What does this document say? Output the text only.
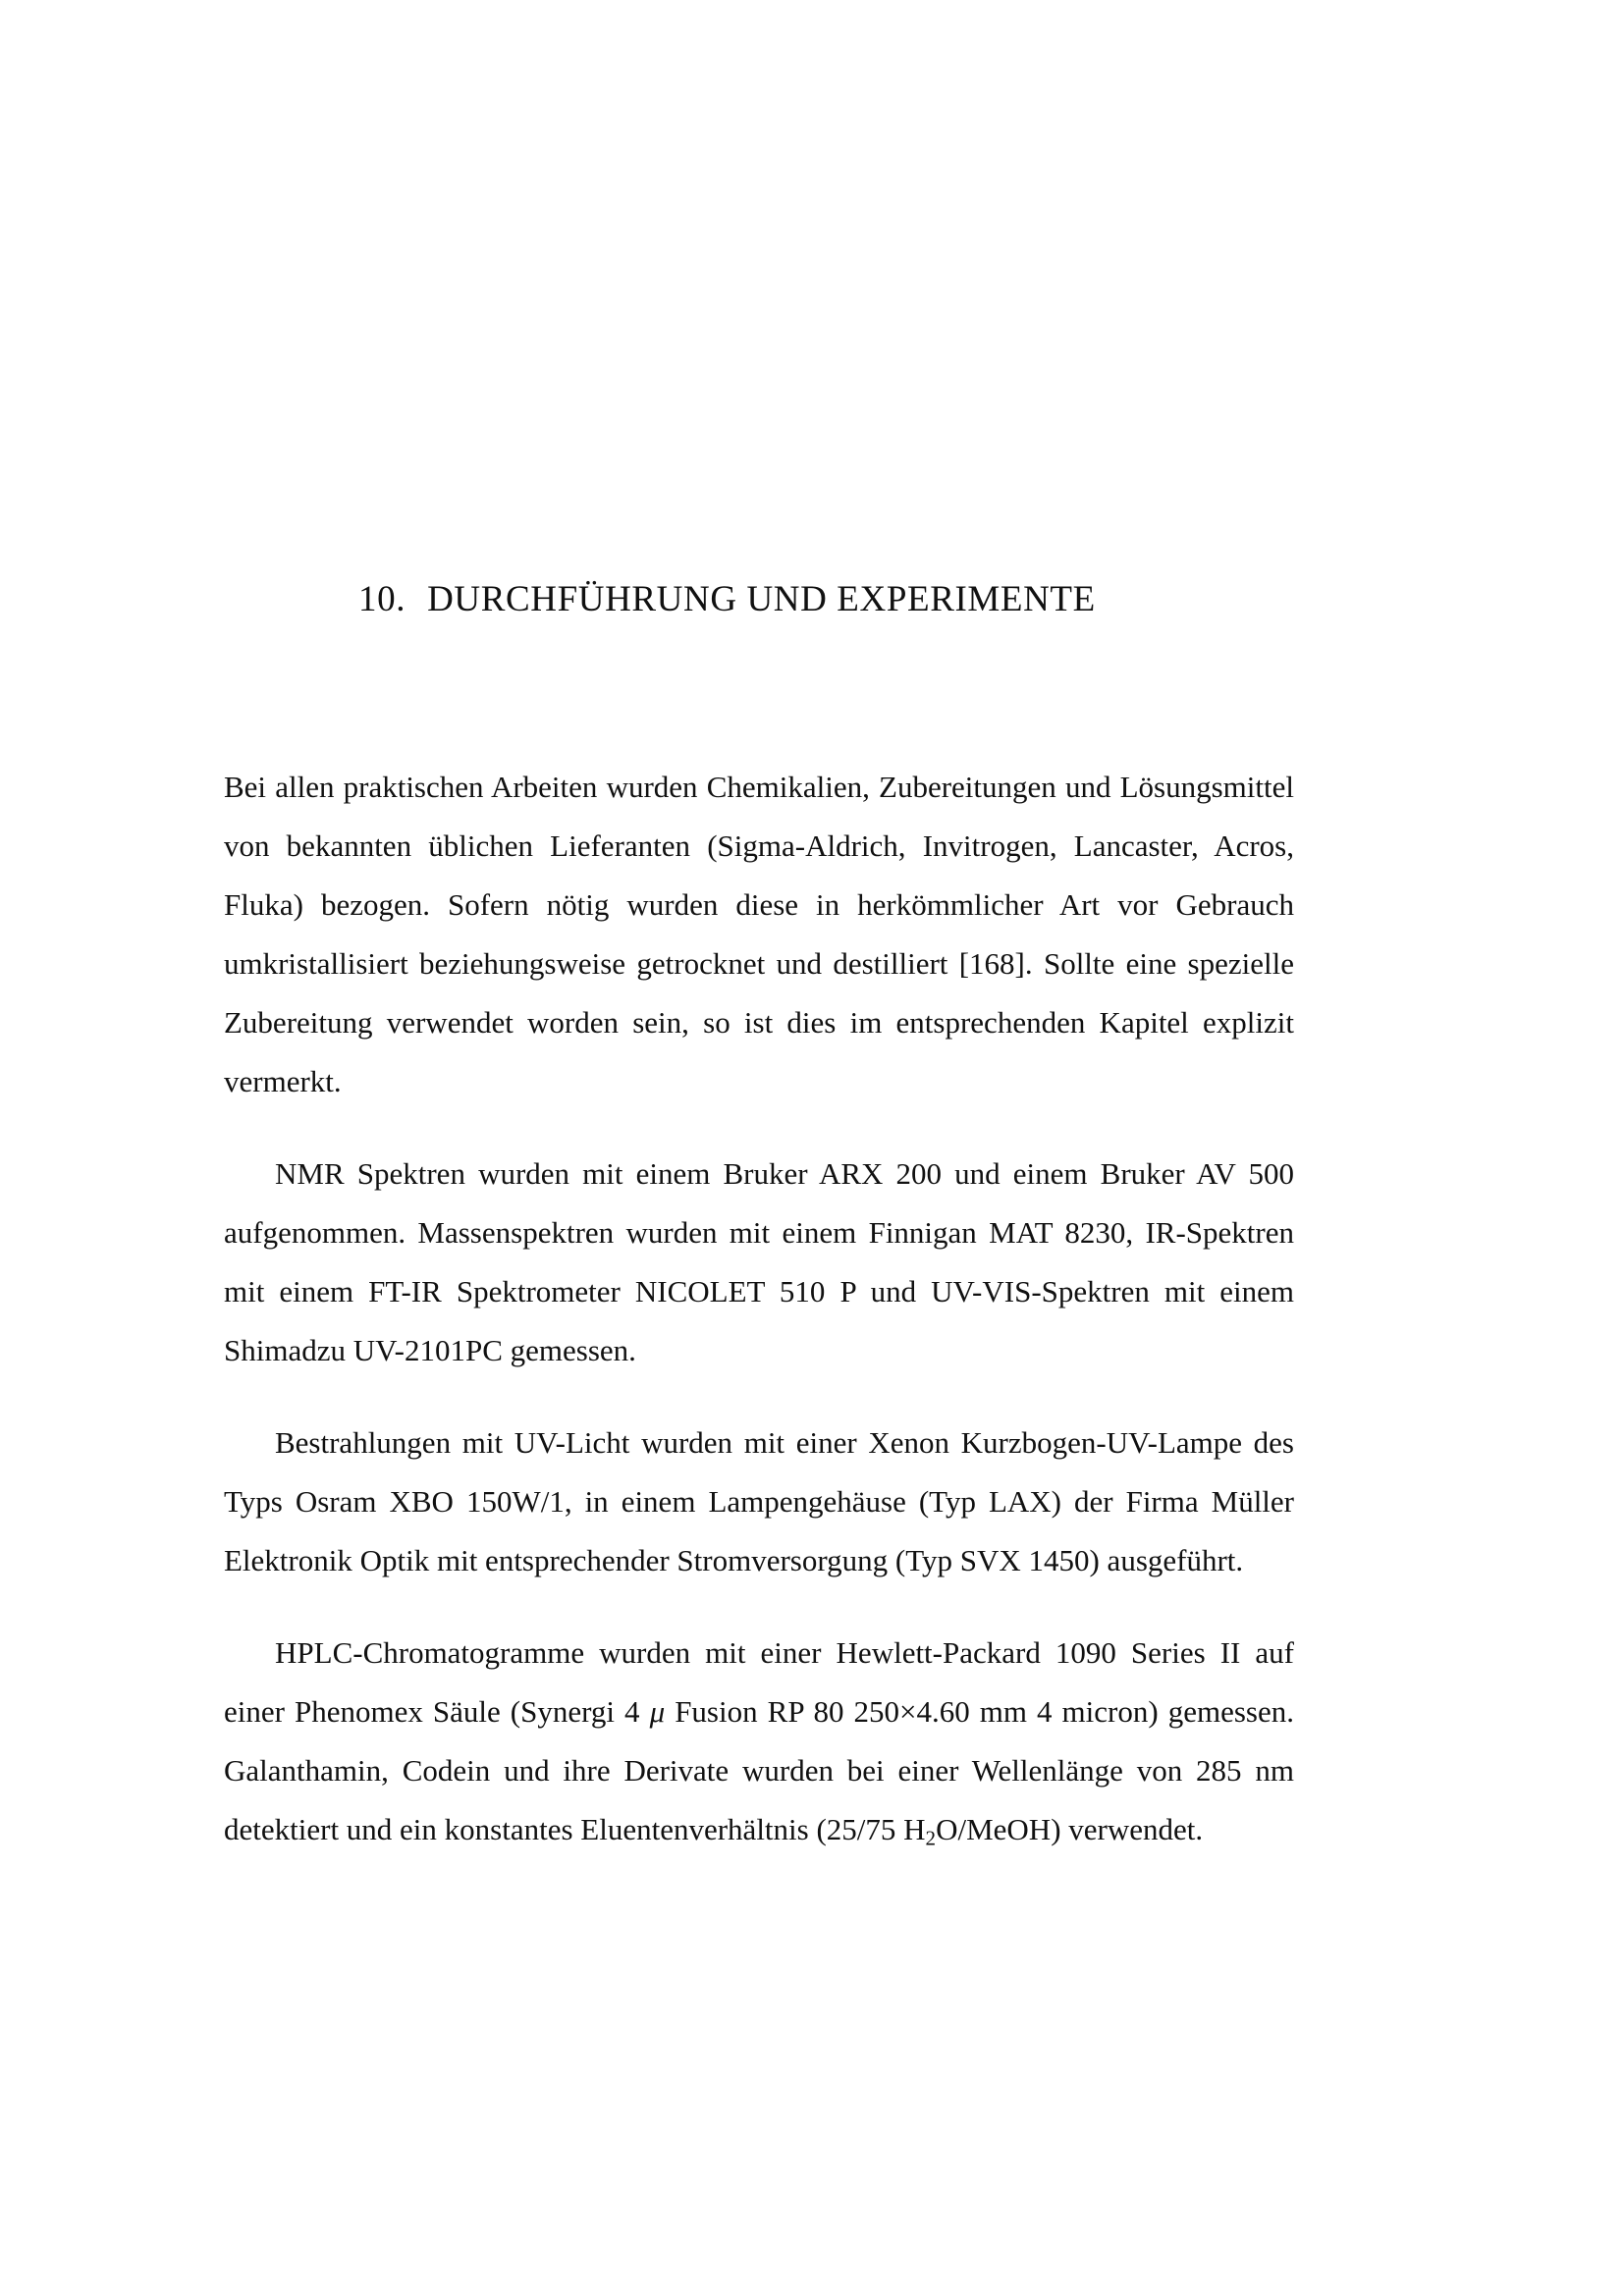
10. DURCHFÜHRUNG UND EXPERIMENTE

Bei allen praktischen Arbeiten wurden Chemikalien, Zubereitungen und Lösungsmittel von bekannten üblichen Lieferanten (Sigma-Aldrich, Invitrogen, Lancaster, Acros, Fluka) bezogen. Sofern nötig wurden diese in herkömmlicher Art vor Gebrauch umkristallisiert beziehungsweise getrocknet und destilliert [168]. Sollte eine spezielle Zubereitung verwendet worden sein, so ist dies im entsprechenden Kapitel explizit vermerkt.

NMR Spektren wurden mit einem Bruker ARX 200 und einem Bruker AV 500 aufgenommen. Massenspektren wurden mit einem Finnigan MAT 8230, IR-Spektren mit einem FT-IR Spektrometer NICOLET 510 P und UV-VIS-Spektren mit einem Shimadzu UV-2101PC gemessen.

Bestrahlungen mit UV-Licht wurden mit einer Xenon Kurzbogen-UV-Lampe des Typs Osram XBO 150W/1, in einem Lampengehäuse (Typ LAX) der Firma Müller Elektronik Optik mit entsprechender Stromversorgung (Typ SVX 1450) ausgeführt.

HPLC-Chromatogramme wurden mit einer Hewlett-Packard 1090 Series II auf einer Phenomex Säule (Synergi 4 μ Fusion RP 80 250×4.60 mm 4 micron) gemessen. Galanthamin, Codein und ihre Derivate wurden bei einer Wellenlänge von 285 nm detektiert und ein konstantes Eluentenverhältnis (25/75 $H_2O/MeOH$) verwendet.
